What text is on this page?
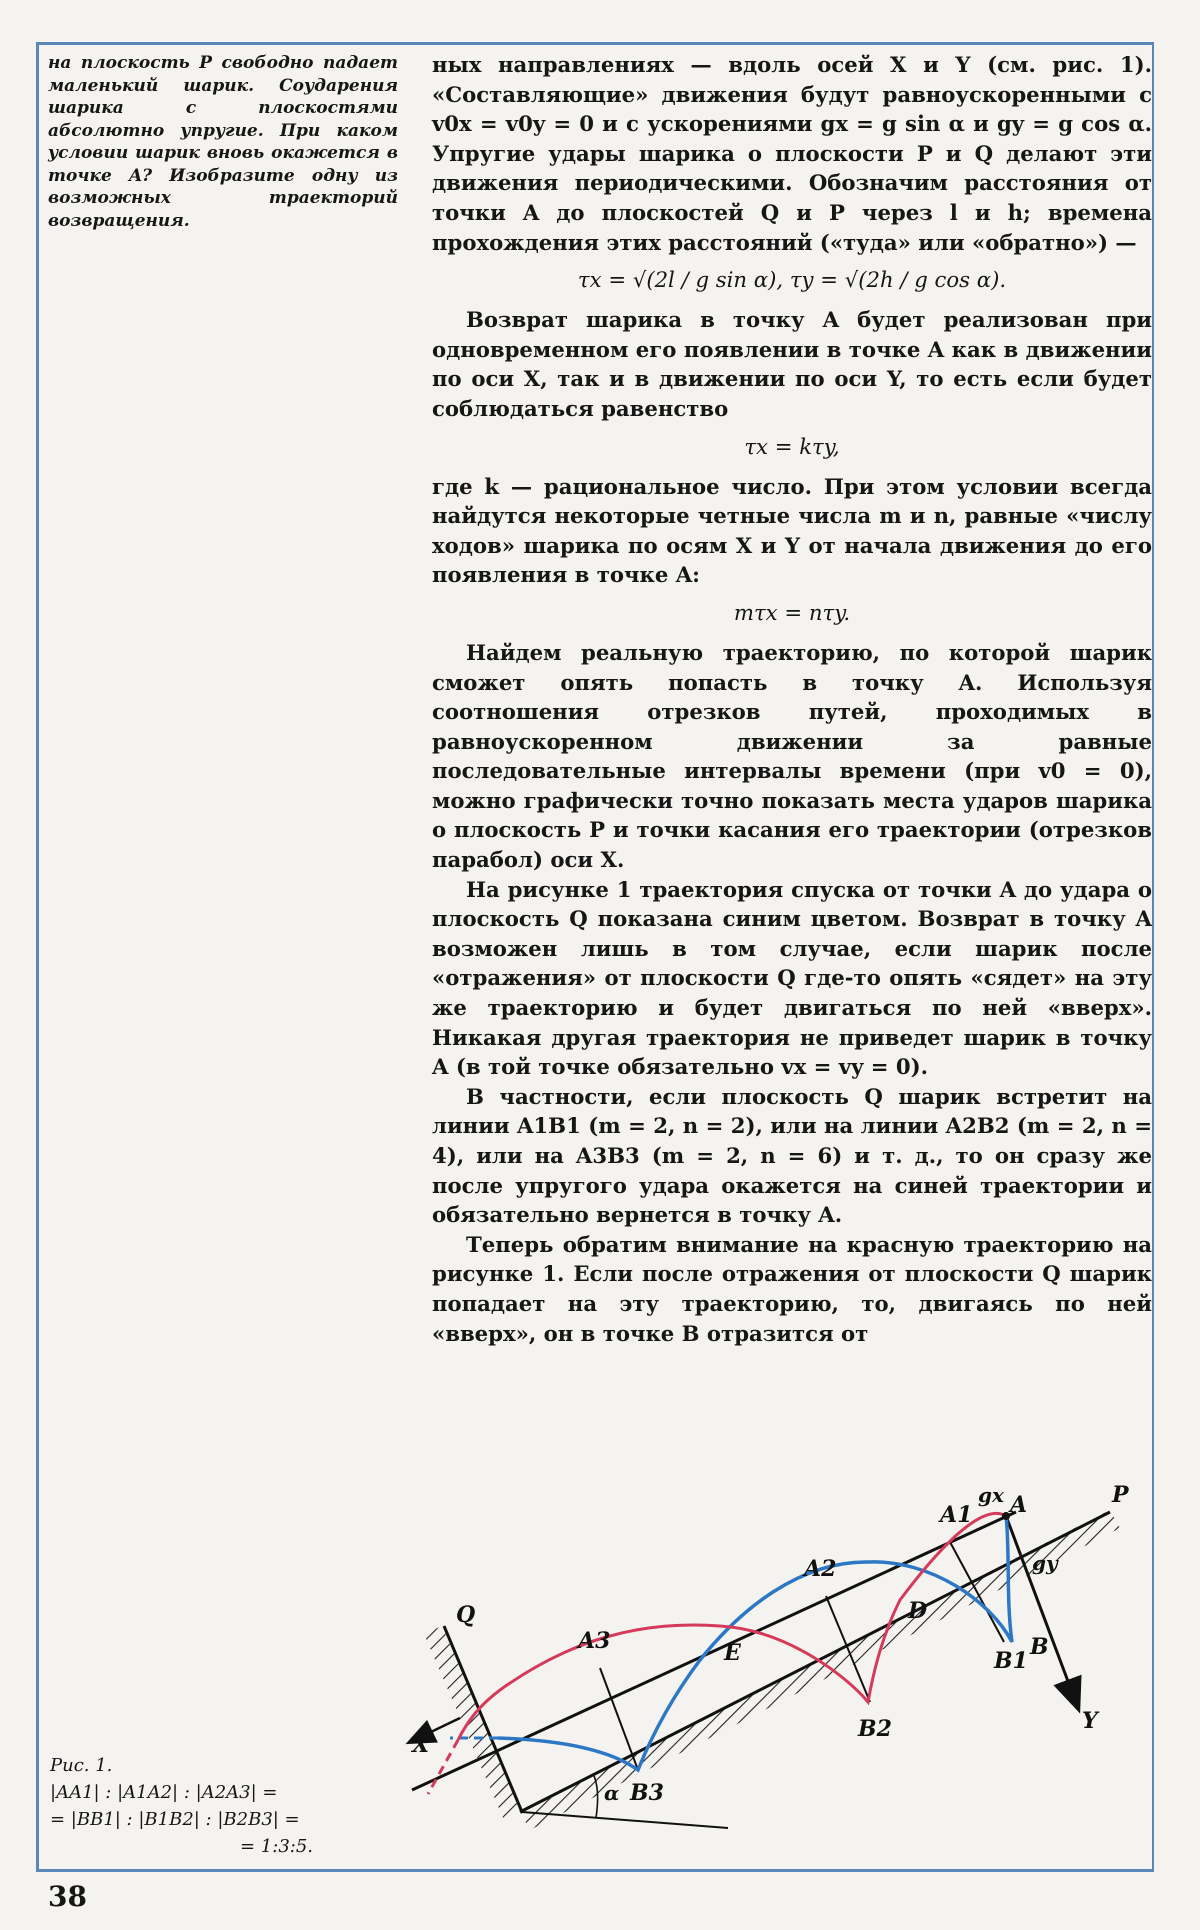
на плоскость P свободно падает маленький шарик. Соударения шарика с плоскостями абсолютно упругие. При каком условии шарик вновь окажется в точке A? Изобразите одну из возможных траекторий возвращения.

ных направлениях — вдоль осей X и Y (см. рис. 1). «Составляющие» движения будут равноускоренными с v0x = v0y = 0 и с ускорениями gx = g sin α и gy = g cos α. Упругие удары шарика о плоскости P и Q делают эти движения периодическими. Обозначим расстояния от точки A до плоскостей Q и P через l и h; времена прохождения этих расстояний («туда» или «обратно») —

τx = √(2l / g sin α), τy = √(2h / g cos α).

Возврат шарика в точку A будет реализован при одновременном его появлении в точке A как в движении по оси X, так и в движении по оси Y, то есть если будет соблюдаться равенство

τx = kτy,

где k — рациональное число. При этом условии всегда найдутся некоторые четные числа m и n, равные «числу ходов» шарика по осям X и Y от начала движения до его появления в точке A:

mτx = nτy.

Найдем реальную траекторию, по которой шарик сможет опять попасть в точку A. Используя соотношения отрезков путей, проходимых в равноускоренном движении за равные последовательные интервалы времени (при v0 = 0), можно графически точно показать места ударов шарика о плоскость P и точки касания его траектории (отрезков парабол) оси X.

На рисунке 1 траектория спуска от точки A до удара о плоскость Q показана синим цветом. Возврат в точку A возможен лишь в том случае, если шарик после «отражения» от плоскости Q где-то опять «сядет» на эту же траекторию и будет двигаться по ней «вверх». Никакая другая траектория не приведет шарик в точку A (в той точке обязательно vx = vy = 0).

В частности, если плоскость Q шарик встретит на линии A1B1 (m = 2, n = 2), или на линии A2B2 (m = 2, n = 4), или на A3B3 (m = 2, n = 6) и т. д., то он сразу же после упругого удара окажется на синей траектории и обязательно вернется в точку A.

Теперь обратим внимание на красную траекторию на рисунке 1. Если после отражения от плоскости Q шарик попадает на эту траекторию, то, двигаясь по ней «вверх», он в точке B отразится от

A
A1
A2
A3	B
B1
B2
B3
D
E
P
Q
X
Y
gx
gy
α
Рис. 1.
|AA1| : |A1A2| : |A2A3| =
= |BB1| : |B1B2| : |B2B3| =
= 1:3:5.
38
